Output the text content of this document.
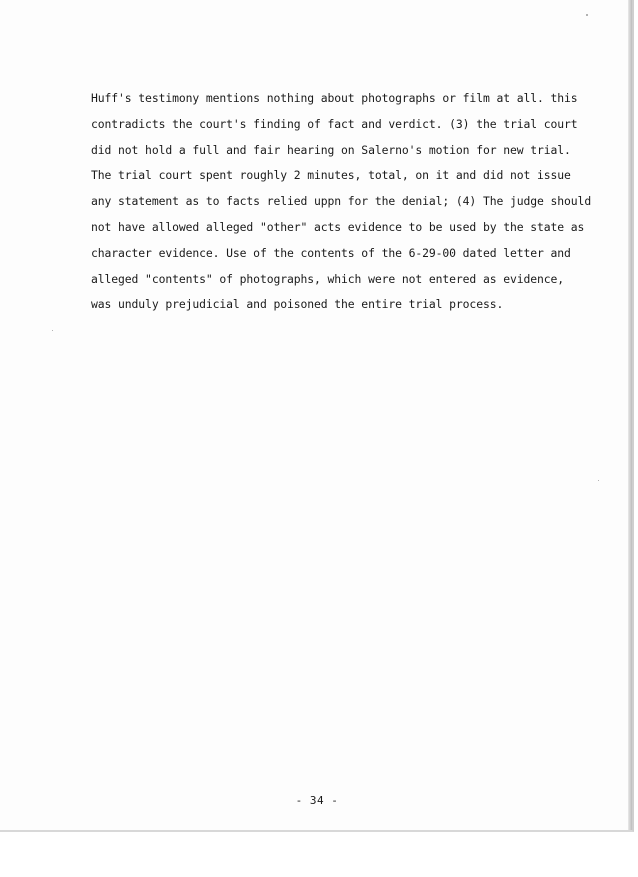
Huff's testimony mentions nothing about photographs or film at all. this
contradicts the court's finding of fact and verdict. (3) the trial court
did not hold a full and fair hearing on Salerno's motion for new trial.
The trial court spent roughly 2 minutes, total, on it and did not issue
any statement as to facts relied uppn for the denial; (4) The judge should
not have allowed alleged "other" acts evidence to be used by the state as
character evidence. Use of the contents of the 6-29-00 dated letter and
alleged "contents" of photographs, which were not entered as evidence,
was unduly prejudicial and poisoned the entire trial process.
- 34 -
